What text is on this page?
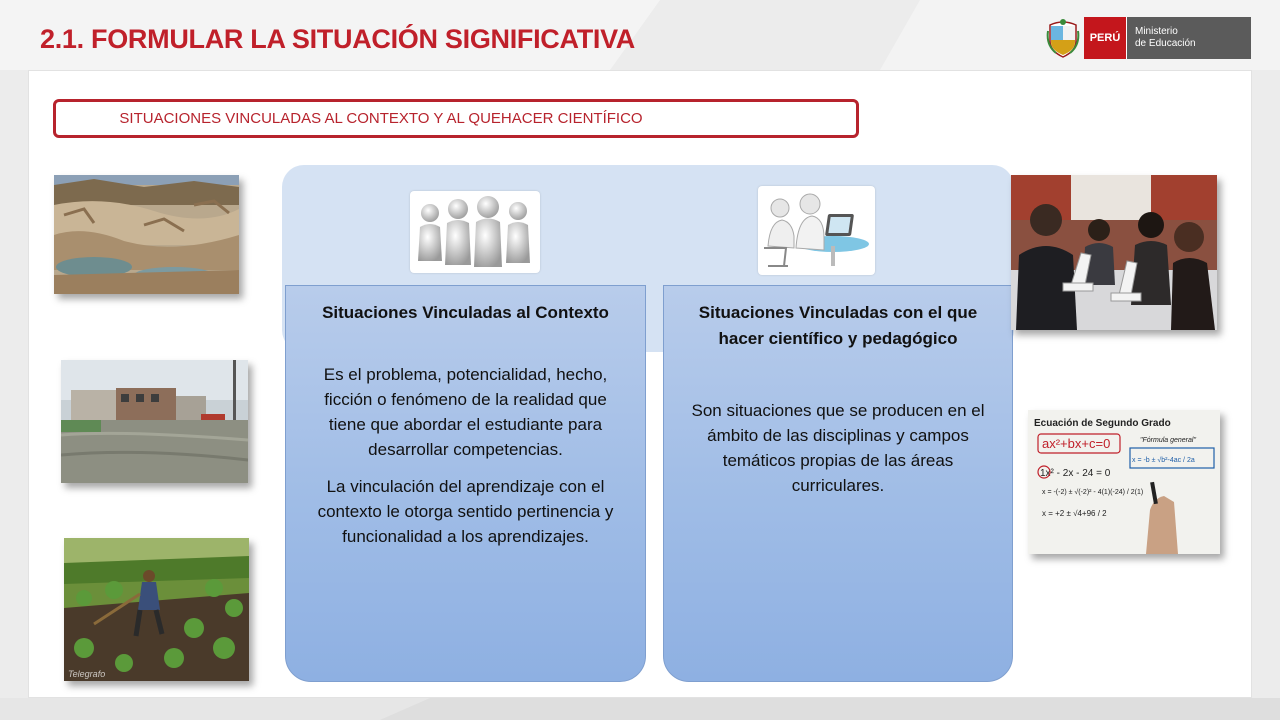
2.1. FORMULAR LA SITUACIÓN SIGNIFICATIVA	PERÚ
Ministerio
de Educación
SITUACIONES VINCULADAS AL CONTEXTO Y AL QUEHACER CIENTÍFICO
Situaciones Vinculadas al Contexto
Es el problema, potencialidad, hecho, ficción o fenómeno de la realidad que tiene que abordar el estudiante para desarrollar competencias.
La vinculación del aprendizaje con el contexto le otorga sentido pertinencia y funcionalidad a los aprendizajes.
Situaciones Vinculadas con el que hacer científico y pedagógico
Son situaciones que se producen en el ámbito de las disciplinas y campos temáticos propias de las áreas curriculares.
Telegrafo
Ecuación de Segundo Grado
ax²+bx+c=0	"Fórmula general"
x = -b ± √b²-4ac / 2a
1x² - 2x - 24 = 0
x = -(-2) ± √(-2)² - 4(1)(-24) / 2(1)
x = +2 ± √4+96 / 2
